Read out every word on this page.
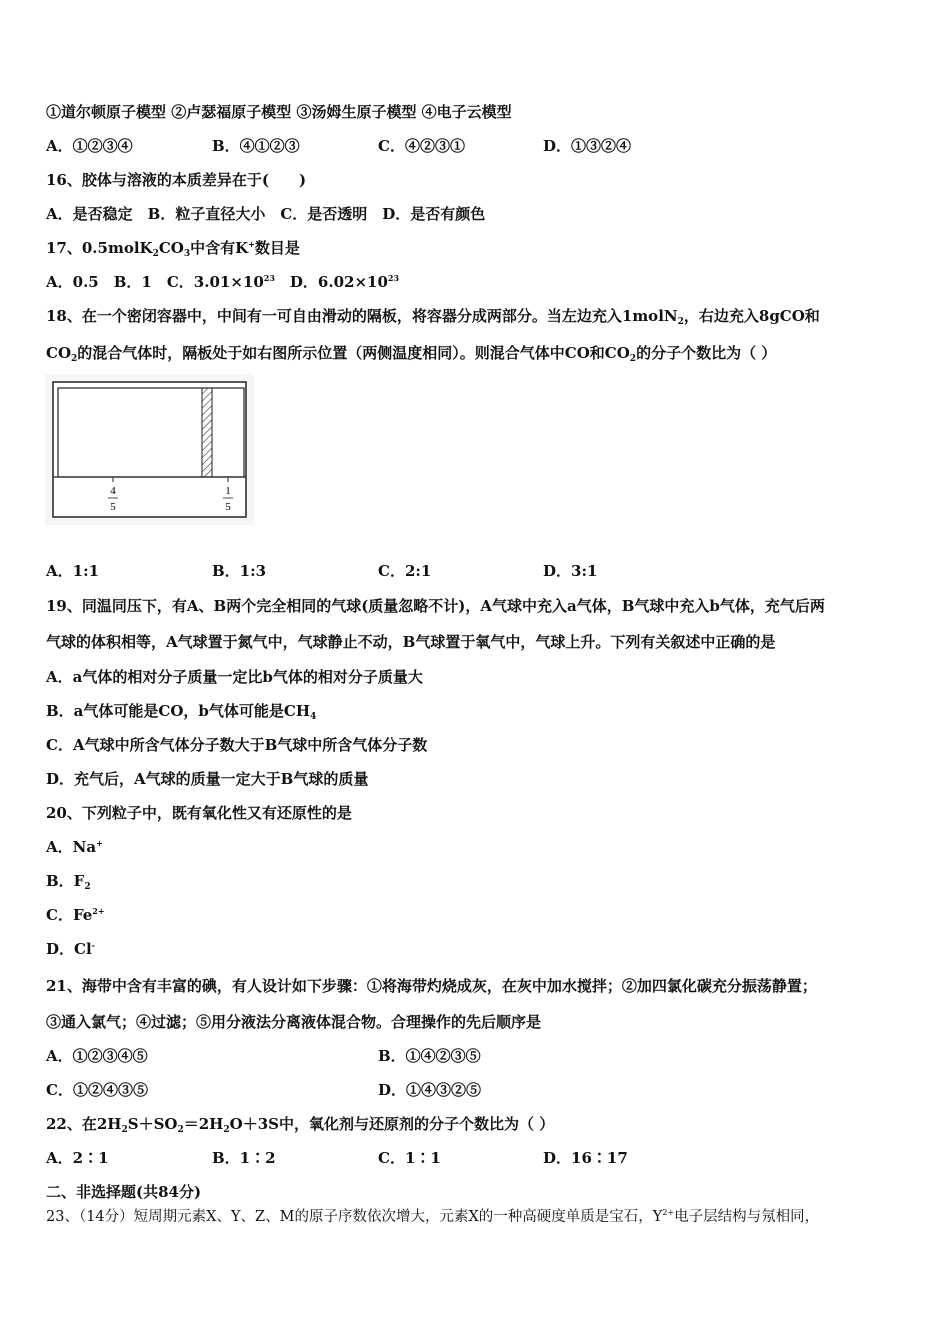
①道尔顿原子模型 ②卢瑟福原子模型 ③汤姆生原子模型 ④电子云模型
A．①②③④	B．④①②③	C．④②③①	D．①③②④
16、胶体与溶液的本质差异在于(　　)
A．是否稳定　B．粒子直径大小　C．是否透明　D．是否有颜色
17、$0.5molK_2CO_3$中含有K+数目是
A．0.5　B．1　C．$3.01\times 10^{23}$　D．$6.02\times 10^{23}$
18、在一个密闭容器中，中间有一可自由滑动的隔板，将容器分成两部分。当左边充入1molN$_2$，右边充入8gCO和
$CO_2$的混合气体时，隔板处于如右图所示位置（两侧温度相同）。则混合气体中CO和$CO_2$的分子个数比为（ ）
4
5
1
5
A．1:1	B．1:3	C．2:1	D．3:1
19、同温同压下，有A、B两个完全相同的气球(质量忽略不计)，A气球中充入a气体，B气球中充入b气体，充气后两
气球的体积相等，A气球置于氮气中，气球静止不动，B气球置于氧气中，气球上升。下列有关叙述中正确的是
A．a气体的相对分子质量一定比b气体的相对分子质量大
B．a气体可能是CO，b气体可能是$CH_4$
C．A气球中所含气体分子数大于B气球中所含气体分子数
D．充气后，A气球的质量一定大于B气球的质量
20、下列粒子中，既有氧化性又有还原性的是
A．Na+
B．$F_2$
C．$Fe^{2+}$
D．Cl-
21、海带中含有丰富的碘，有人设计如下步骤：①将海带灼烧成灰，在灰中加水搅拌；②加四氯化碳充分振荡静置；
③通入氯气；④过滤；⑤用分液法分离液体混合物。合理操作的先后顺序是
A．①②③④⑤	B．①④②③⑤
C．①②④③⑤	D．①④③②⑤
22、在$2H_2S+SO_2=2H_2O+3S$中，氧化剂与还原剂的分子个数比为（ ）
A．2∶1	B．1∶2	C．1∶1	D．16∶17
二、非选择题(共84分)
23、（14分）短周期元素X、Y、Z、M的原子序数依次增大，元素X的一种高硬度单质是宝石，$Y^{2+}$电子层结构与氖相同，
